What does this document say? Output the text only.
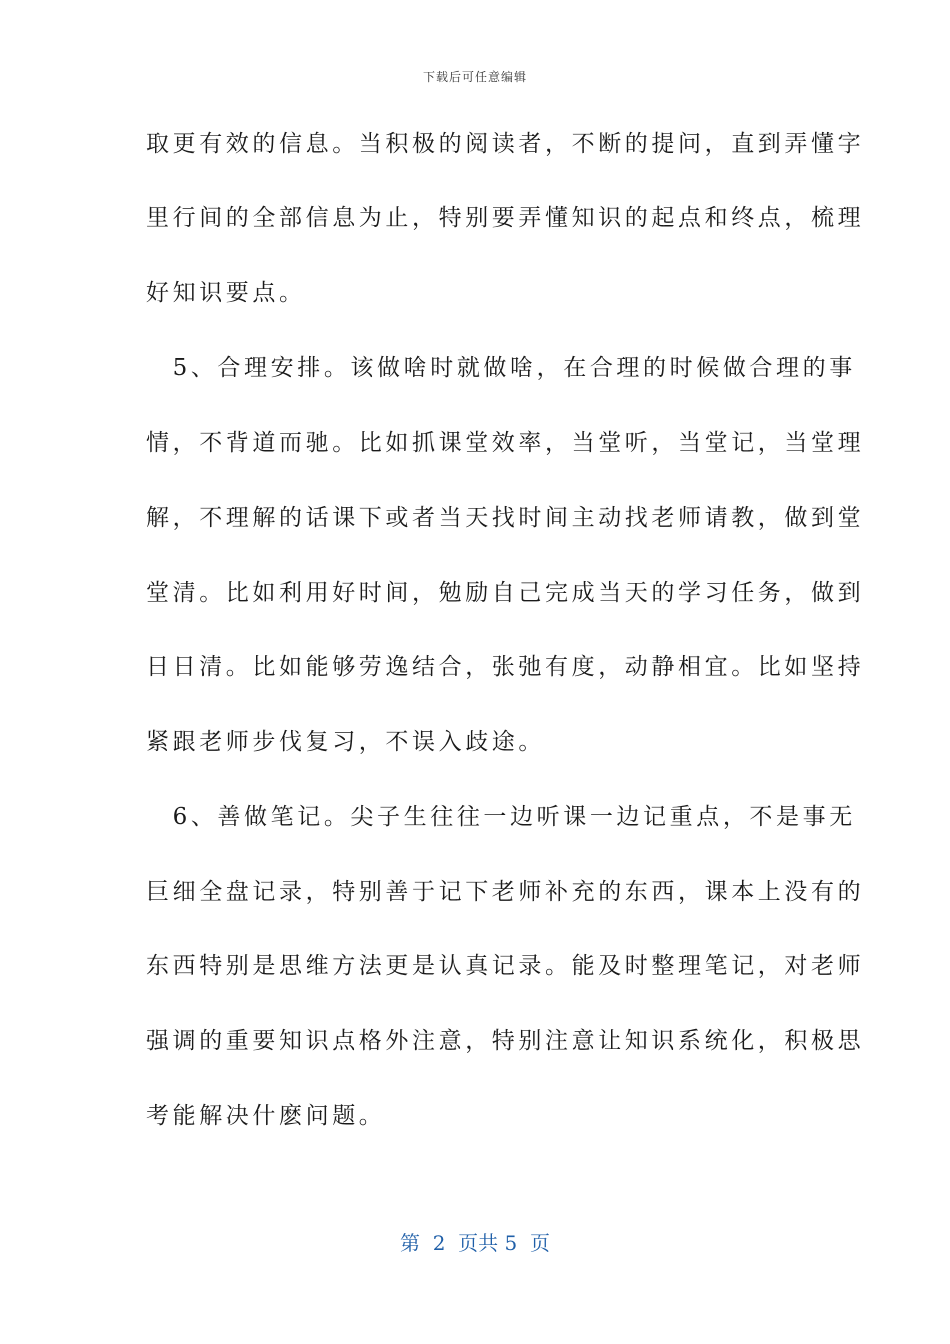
下载后可任意编辑
取更有效的信息。当积极的阅读者，不断的提问，直到弄懂字
里行间的全部信息为止，特别要弄懂知识的起点和终点，梳理
好知识要点。
　5、合理安排。该做啥时就做啥，在合理的时候做合理的事
情，不背道而驰。比如抓课堂效率，当堂听，当堂记，当堂理
解，不理解的话课下或者当天找时间主动找老师请教，做到堂
堂清。比如利用好时间，勉励自己完成当天的学习任务，做到
日日清。比如能够劳逸结合，张弛有度，动静相宜。比如坚持
紧跟老师步伐复习，不误入歧途。
　6、善做笔记。尖子生往往一边听课一边记重点，不是事无
巨细全盘记录，特别善于记下老师补充的东西，课本上没有的
东西特别是思维方法更是认真记录。能及时整理笔记，对老师
强调的重要知识点格外注意，特别注意让知识系统化，积极思
考能解决什麽问题。
第  2  页共 5  页
